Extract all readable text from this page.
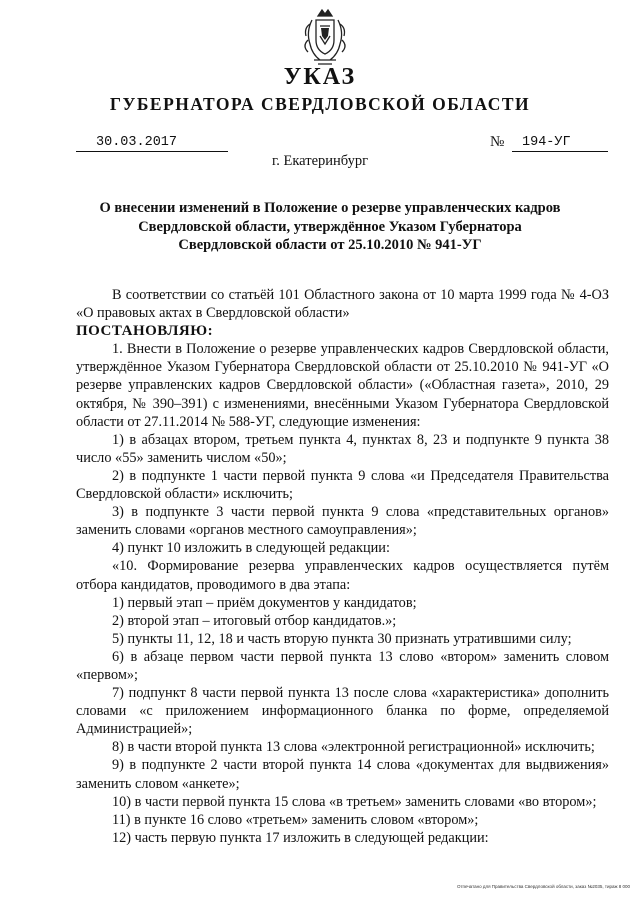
УКАЗ
ГУБЕРНАТОРА СВЕРДЛОВСКОЙ ОБЛАСТИ
30.03.2017	№	194-УГ
г. Екатеринбург
О внесении изменений в Положение о резерве управленческих кадров
Свердловской области, утверждённое Указом Губернатора
Свердловской области от 25.10.2010 № 941-УГ

В соответствии со статьёй 101 Областного закона от 10 марта 1999 года № 4-ОЗ «О правовых актах в Свердловской области»

ПОСТАНОВЛЯЮ:

1. Внести в Положение о резерве управленческих кадров Свердловской области, утверждённое Указом Губернатора Свердловской области от 25.10.2010 № 941-УГ «О резерве управленских кадров Свердловской области» («Областная газета», 2010, 29 октября, № 390–391) с изменениями, внесёнными Указом Губернатора Свердловской области от 27.11.2014 № 588-УГ, следующие изменения:

1) в абзацах втором, третьем пункта 4, пунктах 8, 23 и подпункте 9 пункта 38 число «55» заменить числом «50»;

2) в подпункте 1 части первой пункта 9 слова «и Председателя Правительства Свердловской области» исключить;

3) в подпункте 3 части первой пункта 9 слова «представительных органов» заменить словами «органов местного самоуправления»;

4) пункт 10 изложить в следующей редакции:

«10. Формирование резерва управленческих кадров осуществляется путём отбора кандидатов, проводимого в два этапа:

1) первый этап – приём документов у кандидатов;

2) второй этап – итоговый отбор кандидатов.»;

5) пункты 11, 12, 18 и часть вторую пункта 30 признать утратившими силу;

6) в абзаце первом части первой пункта 13 слово «втором» заменить словом «первом»;

7) подпункт 8 части первой пункта 13 после слова «характеристика» дополнить словами «с приложением информационного бланка по форме, определяемой Администрацией»;

8) в части второй пункта 13 слова «электронной регистрационной» исключить;

9) в подпункте 2 части второй пункта 14 слова «документах для выдвижения» заменить словом «анкете»;

10) в части первой пункта 15 слова «в третьем» заменить словами «во втором»;

11) в пункте 16 слово «третьем» заменить словом «втором»;

12) часть первую пункта 17 изложить в следующей редакции:

Отпечатано для Правительства Свердловской области, заказ №2035, тираж 8 000
